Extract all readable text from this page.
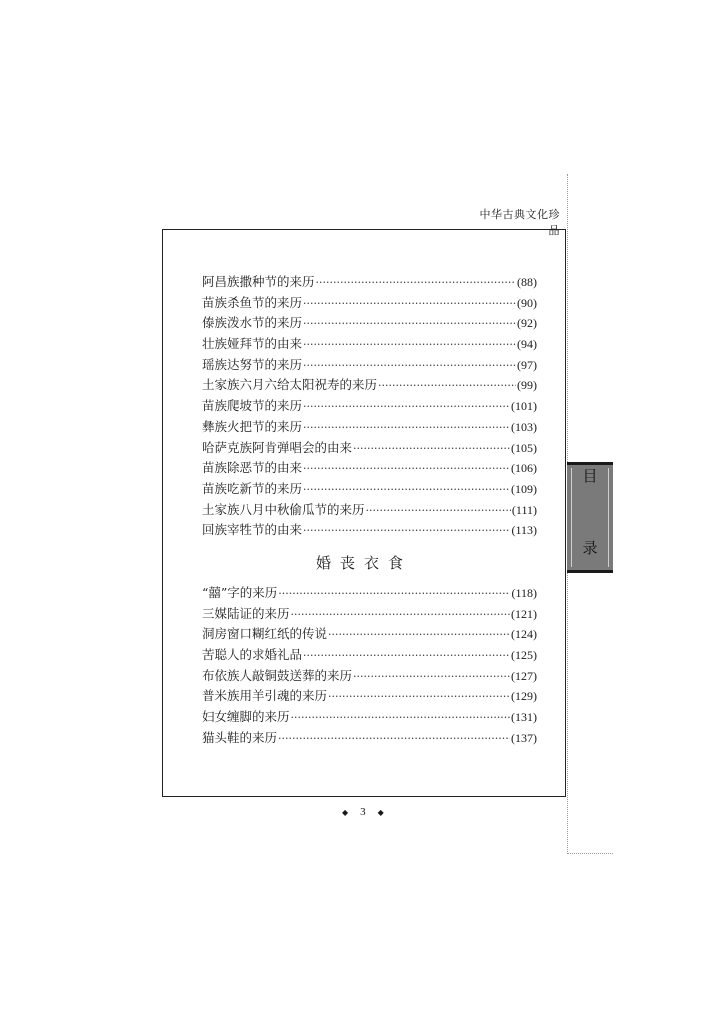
中华古典文化珍品
阿昌族撒种节的来历 ·····	(88)
苗族杀鱼节的来历 ·····	(90)
傣族泼水节的来历 ·····	(92)
壮族娅拜节的由来 ·····	(94)
瑶族达努节的来历 ·····	(97)
土家族六月六给太阳祝寿的来历 ·····	(99)
苗族爬坡节的来历 ·····	(101)
彝族火把节的来历 ·····	(103)
哈萨克族阿肯弹唱会的由来 ·····	(105)
苗族除恶节的由来 ·····	(106)
苗族吃新节的来历 ·····	(109)
土家族八月中秋偷瓜节的来历 ·····	(111)
回族宰牲节的由来 ·····	(113)
婚丧衣食
“囍”字的来历 ·····	(118)
三媒陆证的来历 ·····	(121)
洞房窗口糊红纸的传说 ·····	(124)
苦聪人的求婚礼品 ·····	(125)
布依族人敲铜鼓送葬的来历 ·····	(127)
普米族用羊引魂的来历 ·····	(129)
妇女缠脚的来历 ·····	(131)
猫头鞋的来历 ·····	(137)
目
录
◆ 3 ◆
